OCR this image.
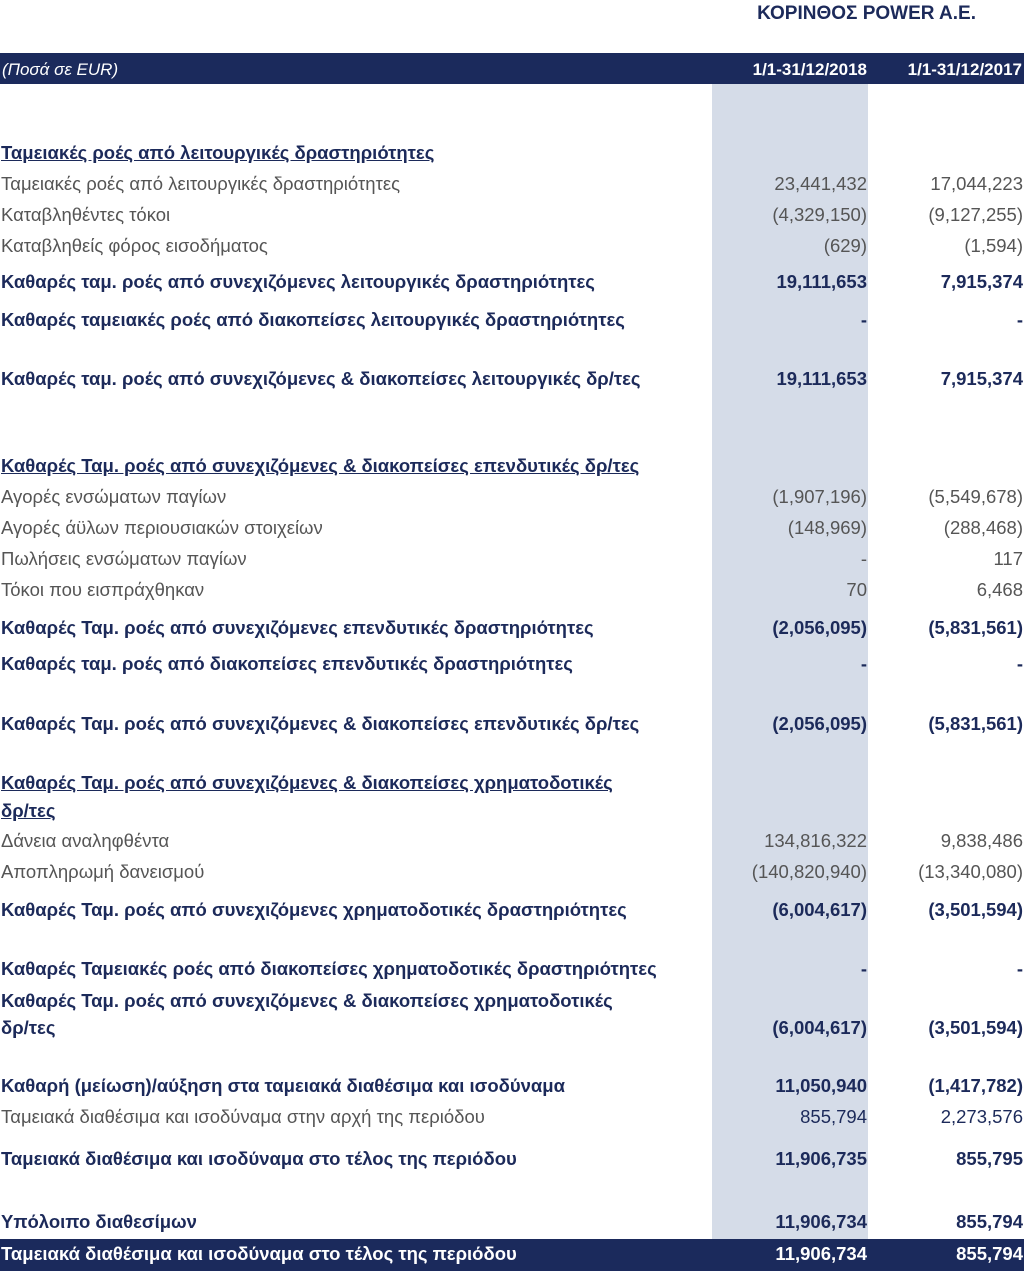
ΚΟΡΙΝΘΟΣ POWER A.E.
(Ποσά σε EUR)	1/1-31/12/2018 1/1-31/12/2017
Ταμειακές ροές από λειτουργικές δραστηριότητες
Ταμειακές ροές από λειτουργικές δραστηριότητες	23,441,432	17,044,223
Καταβληθέντες τόκοι	(4,329,150)	(9,127,255)
Καταβληθείς φόρος εισοδήματος	(629)	(1,594)
Καθαρές ταμ. ροές από συνεχιζόμενες λειτουργικές δραστηριότητες	19,111,653	7,915,374
Καθαρές ταμειακές ροές από διακοπείσες λειτουργικές δραστηριότητες	-	-
Καθαρές ταμ. ροές από συνεχιζόμενες & διακοπείσες λειτουργικές δρ/τες	19,111,653	7,915,374
Καθαρές Ταμ. ροές από συνεχιζόμενες & διακοπείσες επενδυτικές δρ/τες
Αγορές ενσώματων παγίων	(1,907,196)	(5,549,678)
Αγορές άϋλων περιουσιακών στοιχείων	(148,969)	(288,468)
Πωλήσεις ενσώματων παγίων	-	117
Τόκοι που εισπράχθηκαν	70	6,468
Καθαρές Ταμ. ροές από συνεχιζόμενες επενδυτικές δραστηριότητες	(2,056,095)	(5,831,561)
Καθαρές ταμ. ροές από διακοπείσες επενδυτικές δραστηριότητες	-	-
Καθαρές Ταμ. ροές από συνεχιζόμενες & διακοπείσες επενδυτικές δρ/τες	(2,056,095)	(5,831,561)
Καθαρές Ταμ. ροές από συνεχιζόμενες & διακοπείσες χρηματοδοτικές
δρ/τες
Δάνεια αναληφθέντα	134,816,322	9,838,486
Αποπληρωμή δανεισμού	(140,820,940)	(13,340,080)
Καθαρές Ταμ. ροές από συνεχιζόμενες χρηματοδοτικές δραστηριότητες	(6,004,617)	(3,501,594)
Καθαρές Ταμειακές ροές από διακοπείσες χρηματοδοτικές δραστηριότητες	-	-
Καθαρές Ταμ. ροές από συνεχιζόμενες & διακοπείσες χρηματοδοτικές
δρ/τες	(6,004,617)	(3,501,594)
Καθαρή (μείωση)/αύξηση στα ταμειακά διαθέσιμα και ισοδύναμα	11,050,940	(1,417,782)
Ταμειακά διαθέσιμα και ισοδύναμα στην αρχή της περιόδου	855,794	2,273,576
Ταμειακά διαθέσιμα και ισοδύναμα στο τέλος της περιόδου	11,906,735	855,795
Υπόλοιπο διαθεσίμων	11,906,734	855,794
Ταμειακά διαθέσιμα και ισοδύναμα στο τέλος της περιόδου	11,906,734	855,794
